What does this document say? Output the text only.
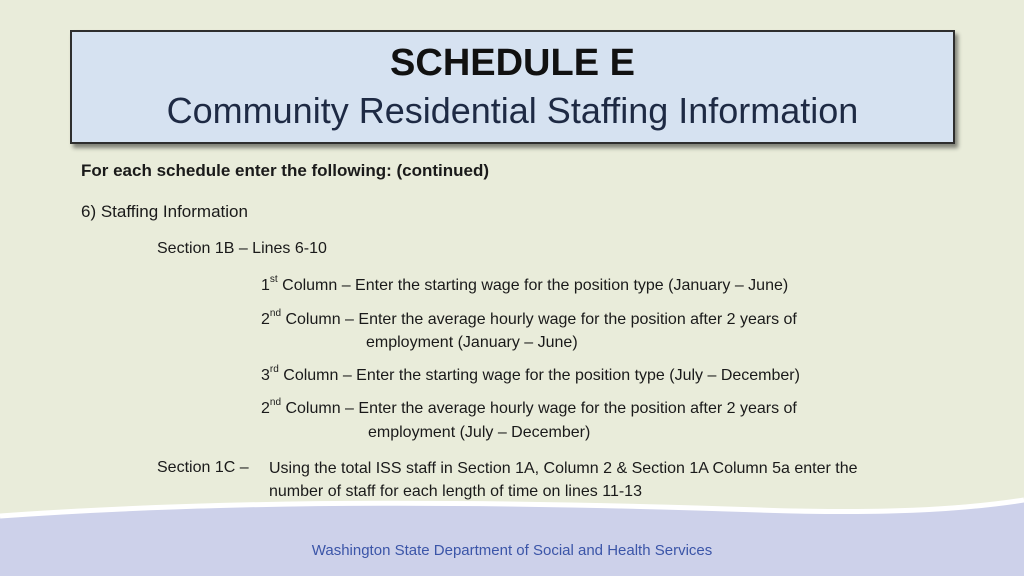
SCHEDULE E
Community Residential Staffing Information
For each schedule enter the following: (continued)
6) Staffing Information
Section 1B – Lines 6-10
1st Column – Enter the starting wage for the position type (January – June)
2nd Column – Enter the average hourly wage for the position after 2 years of
employment (January – June)
3rd Column – Enter the starting wage for the position type (July – December)
2nd Column – Enter the average hourly wage for the position after 2 years of
employment (July – December)
Section 1C – Using the total ISS staff in Section 1A, Column 2 & Section 1A Column 5a enter the
number of staff for each length of time on lines 11-13
Washington State Department of Social and Health Services
